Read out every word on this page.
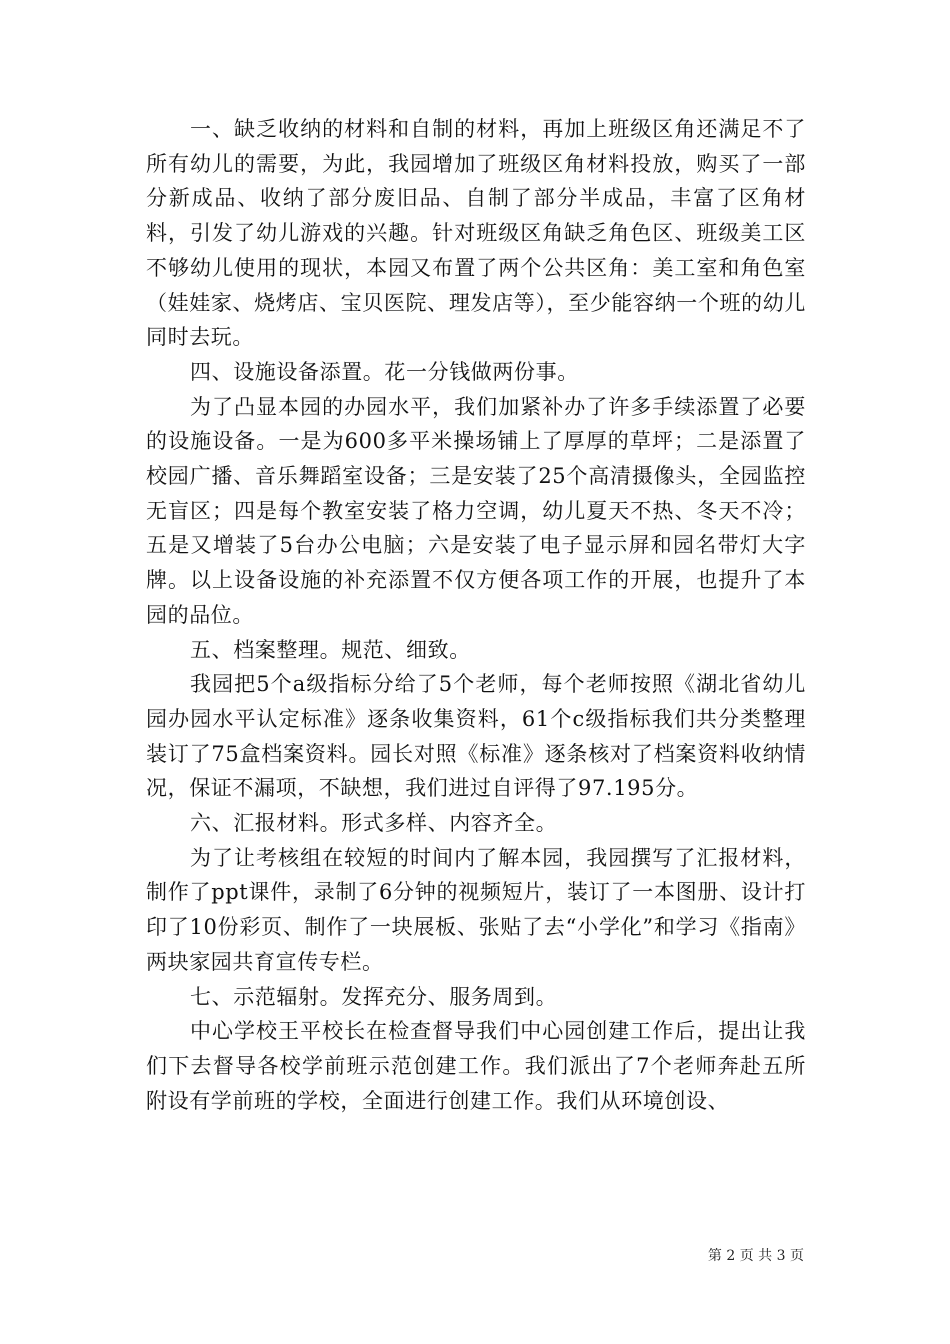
一、缺乏收纳的材料和自制的材料，再加上班级区角还满足不了所有幼儿的需要，为此，我园增加了班级区角材料投放，购买了一部分新成品、收纳了部分废旧品、自制了部分半成品，丰富了区角材料，引发了幼儿游戏的兴趣。针对班级区角缺乏角色区、班级美工区不够幼儿使用的现状，本园又布置了两个公共区角：美工室和角色室（娃娃家、烧烤店、宝贝医院、理发店等），至少能容纳一个班的幼儿同时去玩。

四、设施设备添置。花一分钱做两份事。

为了凸显本园的办园水平，我们加紧补办了许多手续添置了必要的设施设备。一是为600多平米操场铺上了厚厚的草坪；二是添置了校园广播、音乐舞蹈室设备；三是安装了25个高清摄像头，全园监控无盲区；四是每个教室安装了格力空调，幼儿夏天不热、冬天不冷；五是又增装了5台办公电脑；六是安装了电子显示屏和园名带灯大字牌。以上设备设施的补充添置不仅方便各项工作的开展，也提升了本园的品位。

五、档案整理。规范、细致。

我园把5个a级指标分给了5个老师，每个老师按照《湖北省幼儿园办园水平认定标准》逐条收集资料，61个c级指标我们共分类整理装订了75盒档案资料。园长对照《标准》逐条核对了档案资料收纳情况，保证不漏项，不缺想，我们进过自评得了97.195分。

六、汇报材料。形式多样、内容齐全。

为了让考核组在较短的时间内了解本园，我园撰写了汇报材料，制作了ppt课件，录制了6分钟的视频短片，装订了一本图册、设计打印了10份彩页、制作了一块展板、张贴了去“小学化”和学习《指南》两块家园共育宣传专栏。

七、示范辐射。发挥充分、服务周到。

中心学校王平校长在检查督导我们中心园创建工作后，提出让我们下去督导各校学前班示范创建工作。我们派出了7个老师奔赴五所附设有学前班的学校，全面进行创建工作。我们从环境创设、

第 2 页 共 3 页
